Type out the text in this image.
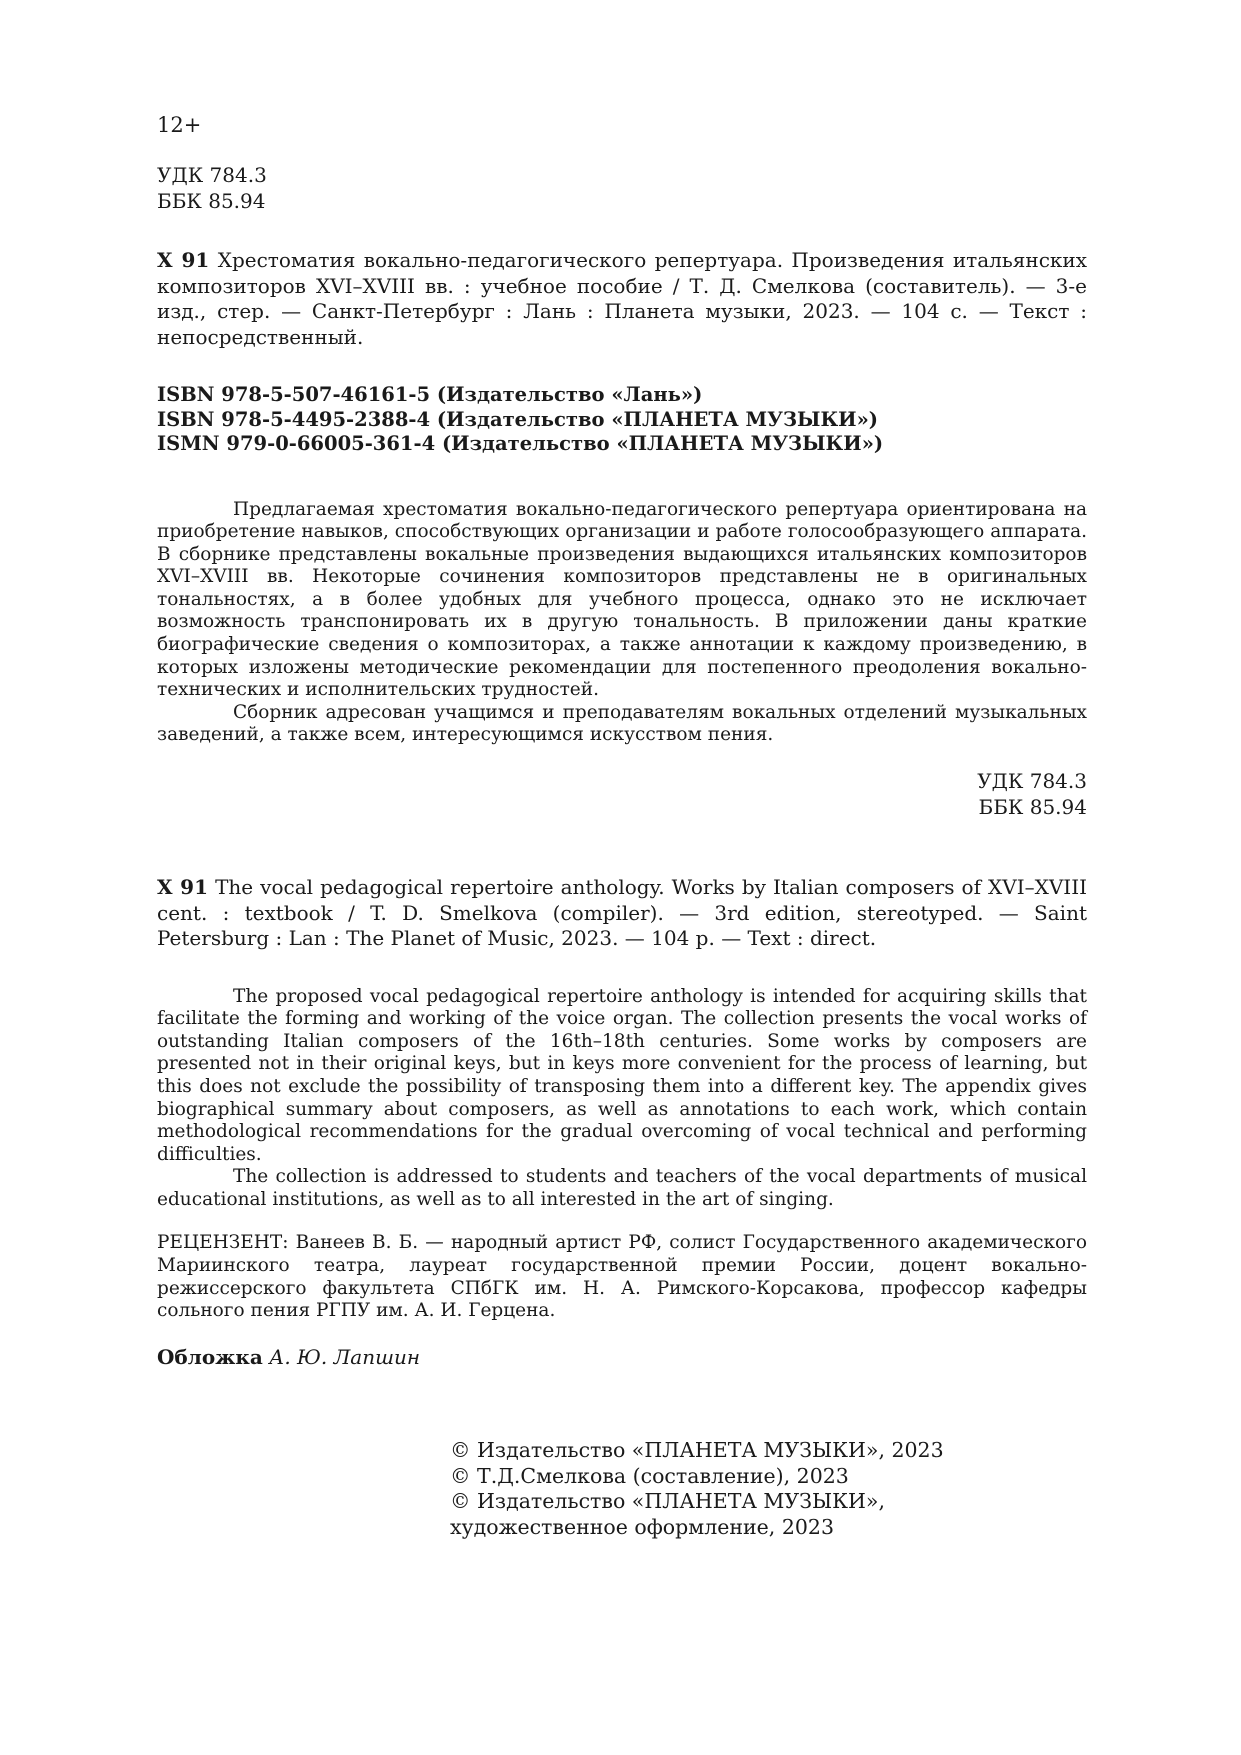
12+

УДК 784.3

ББК 85.94

Х 91 Хрестоматия вокально-педагогического репертуара. Произведения итальянских композиторов XVI–XVIII вв. : учебное пособие / Т. Д. Смелкова (составитель). — 3-е изд., стер. — Санкт-Петербург : Лань : Планета музыки, 2023. — 104 с. — Текст : непосредственный.

ISBN 978-5-507-46161-5 (Издательство «Лань»)

ISBN 978-5-4495-2388-4 (Издательство «ПЛАНЕТА МУЗЫКИ»)

ISMN 979-0-66005-361-4 (Издательство «ПЛАНЕТА МУЗЫКИ»)

Предлагаемая хрестоматия вокально-педагогического репертуара ориентирована на приобретение навыков, способствующих организации и работе голосообразующего аппарата. В сборнике представлены вокальные произведения выдающихся итальянских композиторов XVI–XVIII вв. Некоторые сочинения композиторов представлены не в оригинальных тональностях, а в более удобных для учебного процесса, однако это не исключает возможность транспонировать их в другую тональность. В приложении даны краткие биографические сведения о композиторах, а также аннотации к каждому произведению, в которых изложены методические рекомендации для постепенного преодоления вокально-технических и исполнительских трудностей.

Сборник адресован учащимся и преподавателям вокальных отделений музыкальных заведений, а также всем, интересующимся искусством пения.

УДК 784.3

ББК 85.94

Х 91 The vocal pedagogical repertoire anthology. Works by Italian composers of XVI–XVIII cent. : textbook / T. D. Smelkova (compiler). — 3rd edition, stereotyped. — Saint Petersburg : Lan : The Planet of Music, 2023. — 104 p. — Text : direct.

The proposed vocal pedagogical repertoire anthology is intended for acquiring skills that facilitate the forming and working of the voice organ. The collection presents the vocal works of outstanding Italian composers of the 16th–18th centuries. Some works by composers are presented not in their original keys, but in keys more convenient for the process of learning, but this does not exclude the possibility of transposing them into a different key. The appendix gives biographical summary about composers, as well as annotations to each work, which contain methodological recommendations for the gradual overcoming of vocal technical and performing difficulties.

The collection is addressed to students and teachers of the vocal departments of musical educational institutions, as well as to all interested in the art of singing.

РЕЦЕНЗЕНТ: Ванеев В. Б. — народный артист РФ, солист Государственного академического Мариинского театра, лауреат государственной премии России, доцент вокально-режиссерского факультета СПбГК им. Н. А. Римского-Корсакова, профессор кафедры сольного пения РГПУ им. А. И. Герцена.

Обложка А. Ю. Лапшин

© Издательство «ПЛАНЕТА МУЗЫКИ», 2023

© Т.Д.Смелкова (составление), 2023

© Издательство «ПЛАНЕТА МУЗЫКИ»,

художественное оформление, 2023
